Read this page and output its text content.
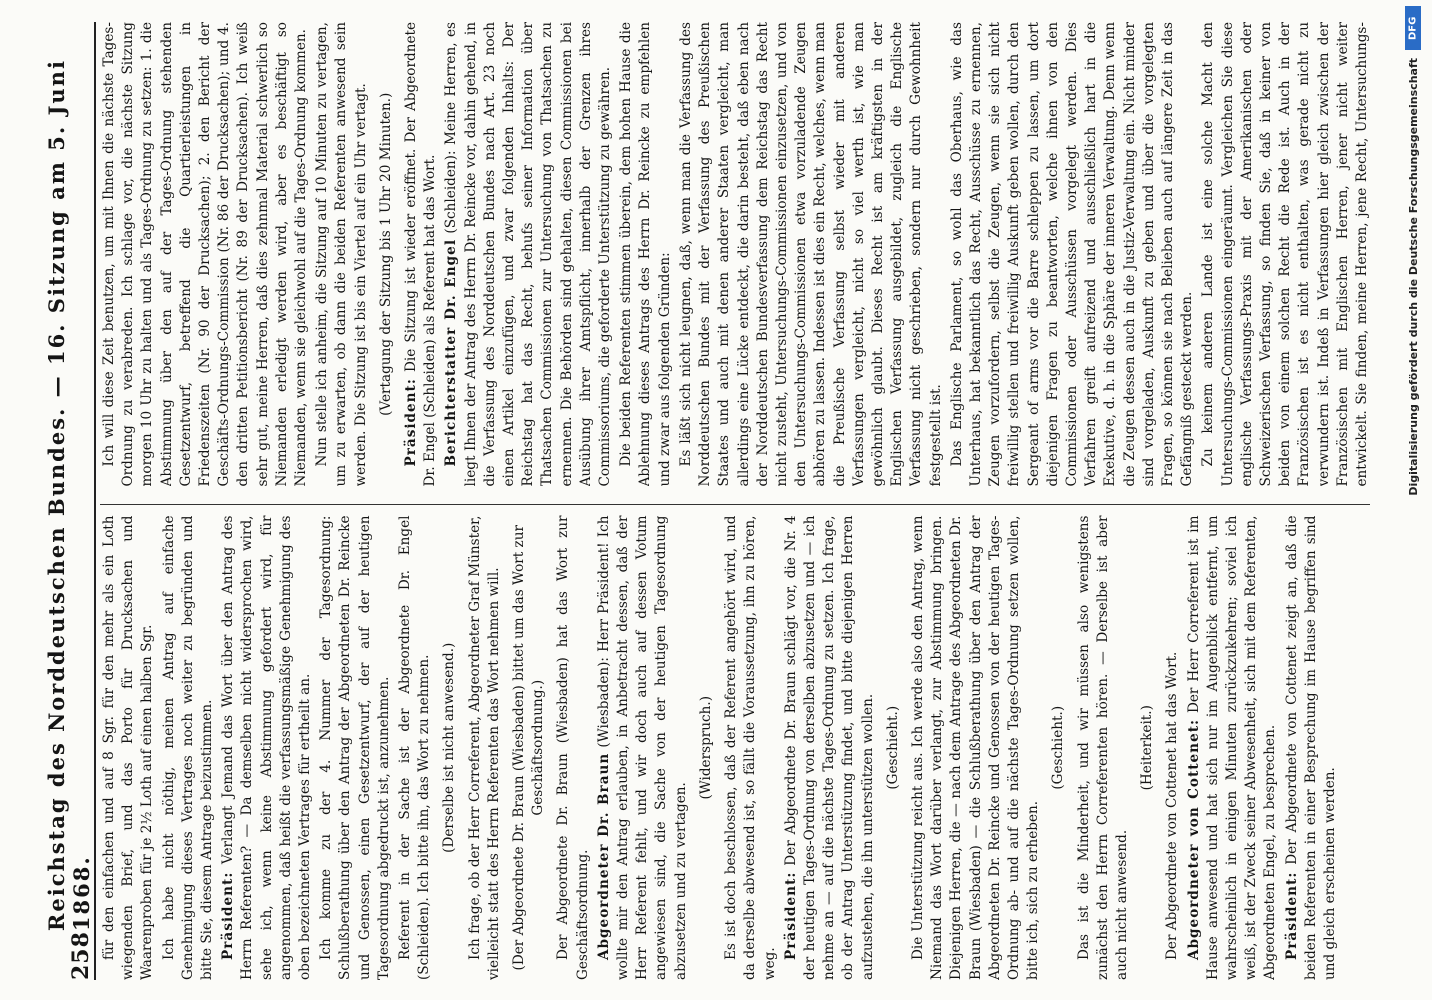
258
Reichstag des Norddeutschen Bundes. — 16. Sitzung am 5. Juni 1868. für den einfachen und auf 8 Sgr. für den mehr als ein Loth wiegenden Brief, und das Porto für Drucksachen und Waarenproben für je 2½ Loth auf einen halben Sgr. Ich habe nicht nöthig, meinen Antrag auf einfache Genehmigung dieses Vertrages noch weiter zu begründen und bitte Sie, diesem Antrage beizustimmen. Präsident: Verlangt Jemand das Wort über den Antrag des Herrn Referenten? — Da demselben nicht widersprochen wird, sehe ich, wenn keine Abstimmung gefordert wird, für angenommen, daß heißt die verfassungsmäßige Genehmigung des oben bezeichneten Vertrages für ertheilt an. Ich komme zu der 4. Nummer der Tagesordnung: Schlußberathung über den Antrag der Abgeordneten Dr. Reincke und Genossen, einen Gesetzentwurf, der auf der heutigen Tagesordnung abgedruckt ist, anzunehmen. Referent in der Sache ist der Abgeordnete Dr. Engel (Schleiden). Ich bitte ihn, das Wort zu nehmen. (Derselbe ist nicht anwesend.) Ich frage, ob der Herr Correferent, Abgeordneter Graf Münster, vielleicht statt des Herrn Referenten das Wort nehmen will. (Der Abgeordnete Dr. Braun (Wiesbaden) bittet um das Wort zur Geschäftsordnung.) Der Abgeordnete Dr. Braun (Wiesbaden) hat das Wort zur Geschäftsordnung. Abgeordneter Dr. Braun (Wiesbaden): Herr Präsident! Ich wollte mir den Antrag erlauben, in Anbetracht dessen, daß der Herr Referent fehlt, und wir doch auch auf dessen Votum angewiesen sind, die Sache von der heutigen Tagesordnung abzusetzen und zu vertagen.

(Widerspruch.) Es ist doch beschlossen, daß der Referent angehört wird, und da derselbe abwesend ist, so fällt die Voraussetzung, ihn zu hören, weg.

Präsident: Der Abgeordnete Dr. Braun schlägt vor, die Nr. 4 der heutigen Tages-Ordnung von derselben abzusetzen und — ich nehme an — auf die nächste Tages-Ordnung zu setzen. Ich frage, ob der Antrag Unterstützung findet, und bitte diejenigen Herren aufzustehen, die ihn unterstützen wollen. (Geschieht.) Die Unterstützung reicht aus. Ich werde also den Antrag, wenn Niemand das Wort darüber verlangt, zur Abstimmung bringen. Diejenigen Herren, die — nach dem Antrage des Abgeordneten Dr. Braun (Wiesbaden) — die Schlußberathung über den Antrag der Abgeordneten Dr. Reincke und Genossen von der heutigen Tages-Ordnung ab- und auf die nächste Tages-Ordnung setzen wollen, bitte ich, sich zu erheben.

(Geschieht.) Das ist die Minderheit, und wir müssen also wenigstens zunächst den Herrn Correferenten hören. — Derselbe ist aber auch nicht anwesend.

(Heiterkeit.) Der Abgeordnete von Cottenet hat das Wort. Abgeordneter von Cottenet: Der Herr Correferent ist im Hause anwesend und hat sich nur im Augenblick entfernt, um wahrscheinlich in einigen Minuten zurückzukehren; soviel ich weiß, ist der Zweck seiner Abwesenheit, sich mit dem Referenten, Abgeordneten Engel, zu besprechen. Präsident: Der Abgeordnete von Cottenet zeigt an, daß die beiden Referenten in einer Besprechung im Hause begriffen sind und gleich erscheinen werden.

Ich will diese Zeit benutzen, um mit Ihnen die nächste Tages-Ordnung zu verabreden. Ich schlage vor, die nächste Sitzung morgen 10 Uhr zu halten und als Tages-Ordnung zu setzen: 1. die Abstimmung über den auf der Tages-Ordnung stehenden Gesetzentwurf, betreffend die Quartierleistungen in Friedenszeiten (Nr. 90 der Drucksachen); 2. den Bericht der Geschäfts-Ordnungs-Commission (Nr. 86 der Drucksachen); und 4. den dritten Petitionsbericht (Nr. 89 der Drucksachen). Ich weiß sehr gut, meine Herren, daß dies zehnmal Material schwerlich so Niemanden erledigt werden wird, aber es beschäftigt so Niemanden, wenn sie gleichwohl auf die Tages-Ordnung kommen. Nun stelle ich anheim, die Sitzung auf 10 Minuten zu vertagen, um zu erwarten, ob dann die beiden Referenten anwesend sein werden. Die Sitzung ist bis ein Viertel auf ein Uhr vertagt. (Vertagung der Sitzung bis 1 Uhr 20 Minuten.)

Präsident: Die Sitzung ist wieder eröffnet. Der Abgeordnete Dr. Engel (Schleiden) als Referent hat das Wort. Berichterstatter Dr. Engel (Schleiden): Meine Herren, es liegt Ihnen der Antrag des Herrn Dr. Reincke vor, dahin gehend, in die Verfassung des Norddeutschen Bundes nach Art. 23 noch einen Artikel einzufügen, und zwar folgenden Inhalts: Der Reichstag hat das Recht, behufs seiner Information über Thatsachen Commissionen zur Untersuchung von Thatsachen zu ernennen. Die Behörden sind gehalten, diesen Commissionen bei Ausübung ihrer Amtspflicht, innerhalb der Grenzen ihres Commissoriums, die geforderte Unterstützung zu gewähren. Die beiden Referenten stimmen überein, dem hohen Hause die Ablehnung dieses Antrags des Herrn Dr. Reincke zu empfehlen und zwar aus folgenden Gründen: Es läßt sich nicht leugnen, daß, wenn man die Verfassung des Norddeutschen Bundes mit der Verfassung des Preußischen Staates und auch mit denen anderer Staaten vergleicht, man allerdings eine Lücke entdeckt, die darin besteht, daß eben nach der Norddeutschen Bundesverfassung dem Reichstag das Recht nicht zusteht, Untersuchungs-Commissionen einzusetzen, und von den Untersuchungs-Commissionen etwa vorzuladende Zeugen abhören zu lassen. Indessen ist dies ein Recht, welches, wenn man die Preußische Verfassung selbst wieder mit anderen Verfassungen vergleicht, nicht so viel werth ist, wie man gewöhnlich glaubt. Dieses Recht ist am kräftigsten in der Englischen Verfassung ausgebildet, zugleich die Englische Verfassung nicht geschrieben, sondern nur durch Gewohnheit festgestellt ist. Das Englische Parlament, so wohl das Oberhaus, wie das Unterhaus, hat bekanntlich das Recht, Ausschüsse zu ernennen, Zeugen vorzufordern, selbst die Zeugen, wenn sie sich nicht freiwillig stellen und freiwillig Auskunft geben wollen, durch den Sergeant of arms vor die Barre schleppen zu lassen, um dort diejenigen Fragen zu beantworten, welche ihnen von den Commissionen oder Ausschüssen vorgelegt werden. Dies Verfahren greift aufreizend und ausschließlich hart in die Exekutive, d. h. in die Sphäre der inneren Verwaltung. Denn wenn die Zeugen dessen auch in die Justiz-Verwaltung ein. Nicht minder sind vorgeladen, Auskunft zu geben und über die vorgelegten Fragen, so können sie nach Belieben auch auf längere Zeit in das Gefängniß gesteckt werden. Zu keinem anderen Lande ist eine solche Macht den Untersuchungs-Commissionen eingeräumt. Vergleichen Sie diese englische Verfassungs-Praxis mit der Amerikanischen oder Schweizerischen Verfassung, so finden Sie, daß in keiner von beiden von einem solchen Recht die Rede ist. Auch in der Französischen ist es nicht enthalten, was gerade nicht zu verwundern ist. Indeß in Verfassungen hier gleich zwischen der Französischen mit Englischen Herren, jener nicht weiter entwickelt. Sie finden, meine Herren, jene Recht, Untersuchungs-	DFG
Digitalisierung gefördert durch die Deutsche Forschungsgemeinschaft
